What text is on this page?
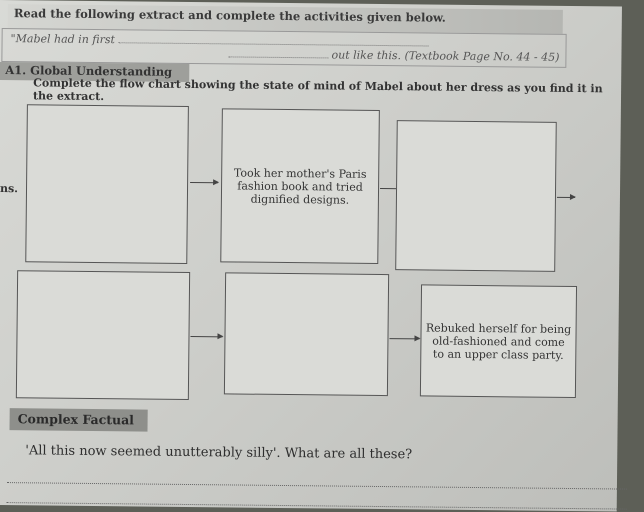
Read the following extract and complete the activities given below.
"Mabel had in first
out like this. (Textbook Page No. 44 - 45)
A1. Global Understanding
Complete the flow chart showing the state of mind of Mabel about her dress as you find it in the extract.
ns.
Took her mother's Paris fashion book and tried dignified designs.
Rebuked herself for being old-fashioned and come to an upper class party.
Complex Factual
'All this now seemed unutterably silly'. What are all these?
